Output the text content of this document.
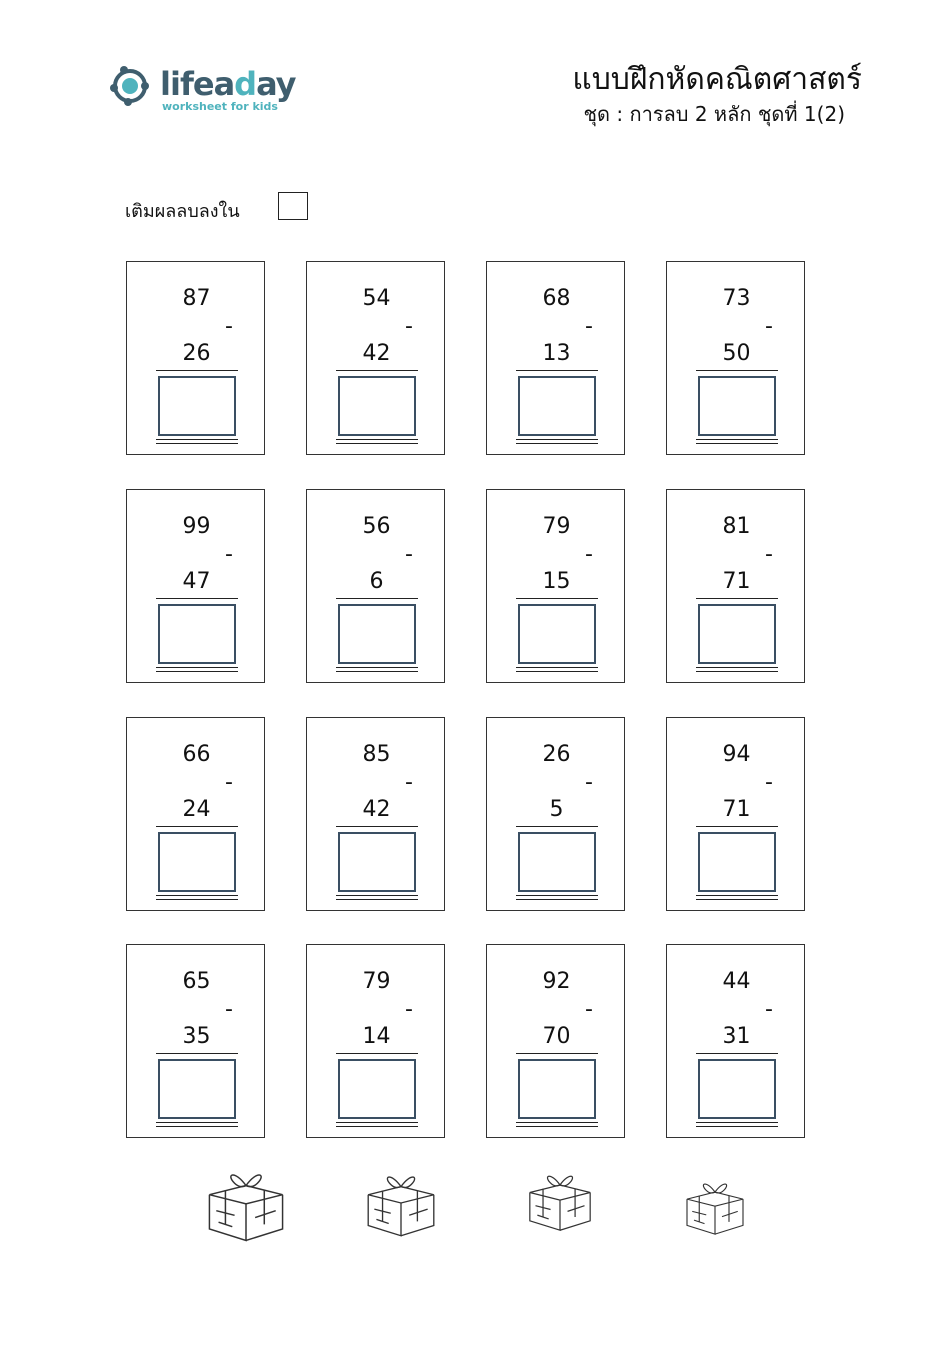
lifeaday
worksheet for kids
แบบฝึกหัดคณิตศาสตร์
ชุด : การลบ 2 หลัก ชุดที่ 1(2)
เติมผลลบลงใน
87
-
26
54
-
42
68
-
13
73
-
50
99
-
47
56
-
6
79
-
15
81
-
71
66
-
24
85
-
42
26
-
5
94
-
71
65
-
35
79
-
14
92
-
70
44
-
31
